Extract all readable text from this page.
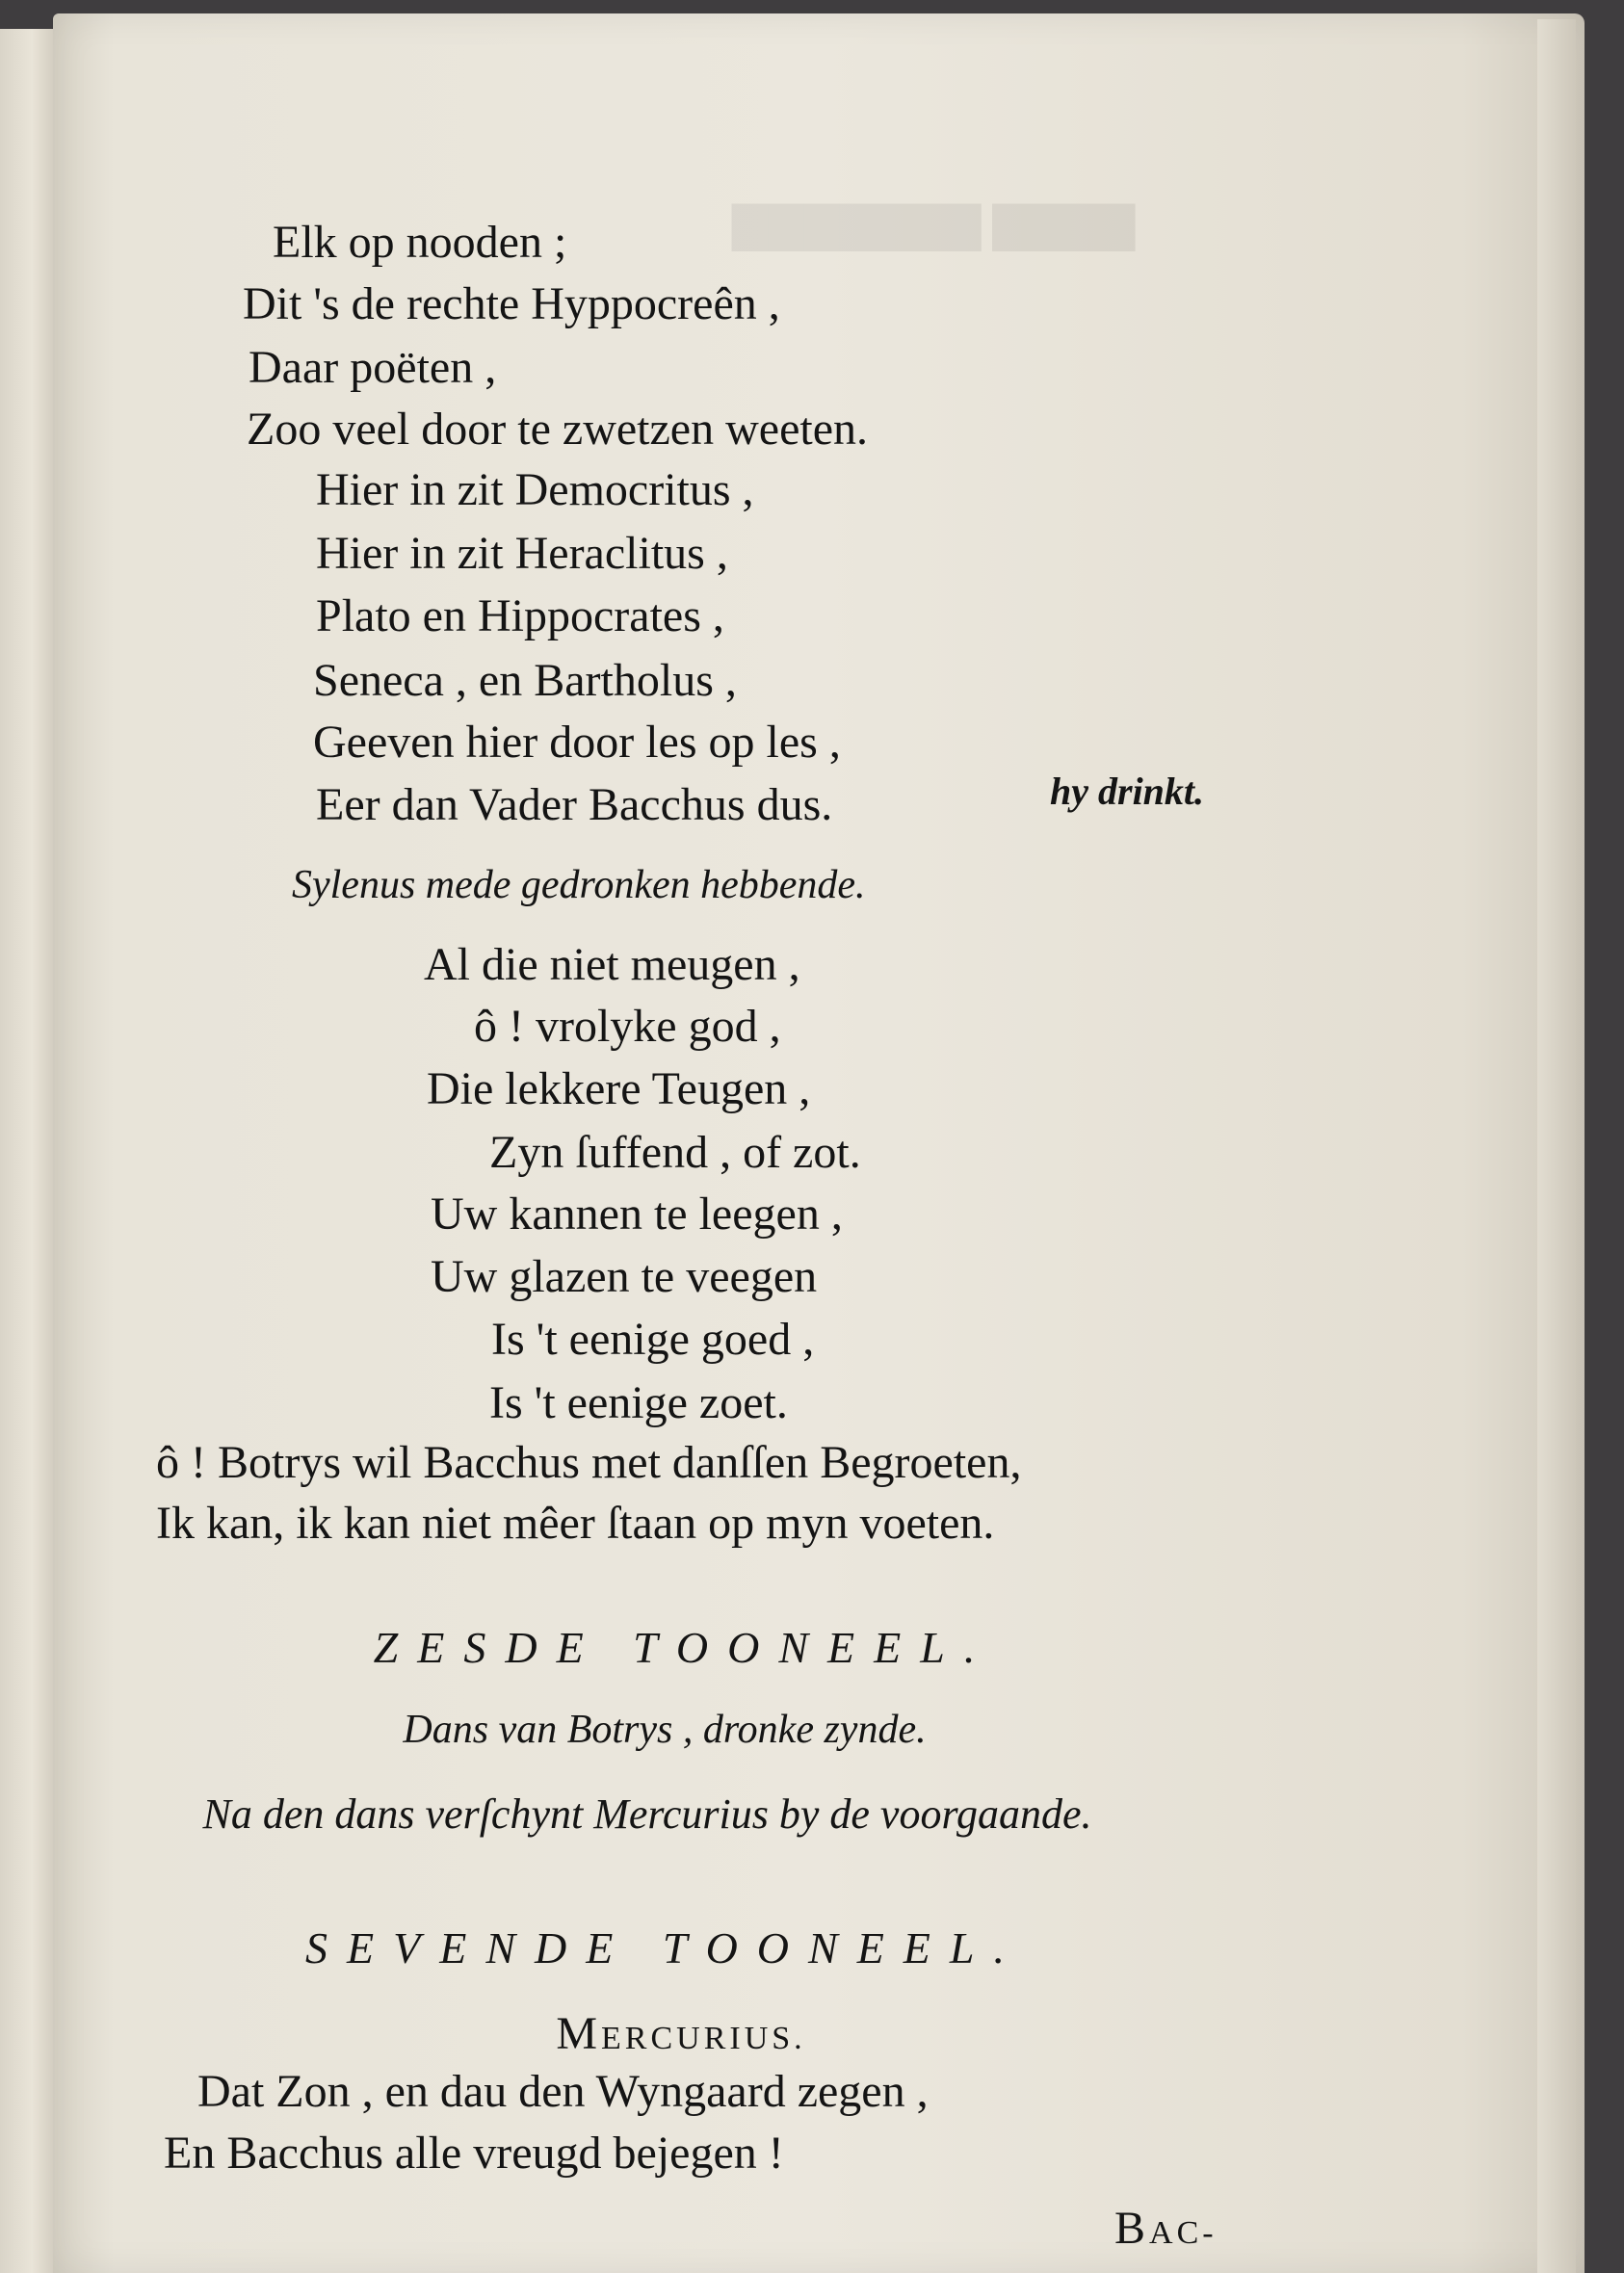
▇▇▇▇ ▇▇▇▇▇▇▇
Elk op nooden ;
Dit 's de rechte Hyppocreên ,
Daar poëten ,
Zoo veel door te zwetzen weeten.
Hier in zit Democritus ,
Hier in zit Heraclitus ,
Plato en Hippocrates ,
Seneca , en Bartholus ,
Geeven hier door les op les ,
Eer dan Vader Bacchus dus.	hy drinkt.
Sylenus mede gedronken hebbende.
Al die niet meugen ,
ô ! vrolyke god ,
Die lekkere Teugen ,
Zyn ſuffend , of zot.
Uw kannen te leegen ,
Uw glazen te veegen
Is 't eenige goed ,
Is 't eenige zoet.
ô ! Botrys wil Bacchus met danſſen Begroeten,
Ik kan, ik kan niet mêer ſtaan op myn voeten.
ZESDE TOONEEL.
Dans van Botrys , dronke zynde.
Na den dans verſchynt Mercurius by de voorgaande.
SEVENDE TOONEEL.
MERCURIUS.
Dat Zon , en dau den Wyngaard zegen ,
En Bacchus alle vreugd bejegen !
BAC-
